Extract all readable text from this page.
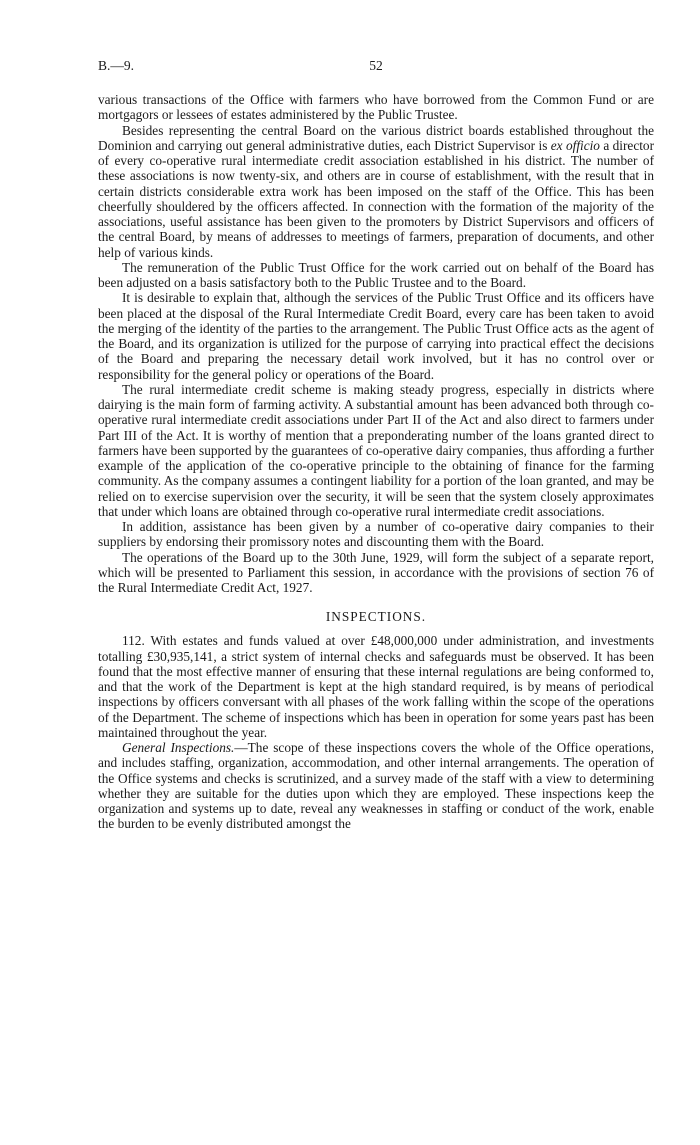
B.—9.	52

various transactions of the Office with farmers who have borrowed from the Common Fund or are mortgagors or lessees of estates administered by the Public Trustee.

Besides representing the central Board on the various district boards established throughout the Dominion and carrying out general administrative duties, each District Supervisor is ex officio a director of every co-operative rural intermediate credit association established in his district. The number of these associations is now twenty-six, and others are in course of establishment, with the result that in certain districts considerable extra work has been imposed on the staff of the Office. This has been cheerfully shouldered by the officers affected. In connection with the formation of the majority of the associations, useful assistance has been given to the promoters by District Supervisors and officers of the central Board, by means of addresses to meetings of farmers, preparation of documents, and other help of various kinds.

The remuneration of the Public Trust Office for the work carried out on behalf of the Board has been adjusted on a basis satisfactory both to the Public Trustee and to the Board.

It is desirable to explain that, although the services of the Public Trust Office and its officers have been placed at the disposal of the Rural Intermediate Credit Board, every care has been taken to avoid the merging of the identity of the parties to the arrangement. The Public Trust Office acts as the agent of the Board, and its organization is utilized for the purpose of carrying into practical effect the decisions of the Board and preparing the necessary detail work involved, but it has no control over or responsibility for the general policy or operations of the Board.

The rural intermediate credit scheme is making steady progress, especially in districts where dairying is the main form of farming activity. A substantial amount has been advanced both through co-operative rural intermediate credit associations under Part II of the Act and also direct to farmers under Part III of the Act. It is worthy of mention that a preponderating number of the loans granted direct to farmers have been supported by the guarantees of co-operative dairy companies, thus affording a further example of the application of the co-operative principle to the obtaining of finance for the farming community. As the company assumes a contingent liability for a portion of the loan granted, and may be relied on to exercise supervision over the security, it will be seen that the system closely approximates that under which loans are obtained through co-operative rural intermediate credit associations.

In addition, assistance has been given by a number of co-operative dairy companies to their suppliers by endorsing their promissory notes and discounting them with the Board.

The operations of the Board up to the 30th June, 1929, will form the subject of a separate report, which will be presented to Parliament this session, in accordance with the provisions of section 76 of the Rural Intermediate Credit Act, 1927.

INSPECTIONS.

112. With estates and funds valued at over £48,000,000 under administration, and investments totalling £30,935,141, a strict system of internal checks and safeguards must be observed. It has been found that the most effective manner of ensuring that these internal regulations are being conformed to, and that the work of the Department is kept at the high standard required, is by means of periodical inspections by officers conversant with all phases of the work falling within the scope of the operations of the Department. The scheme of inspections which has been in operation for some years past has been maintained throughout the year.

General Inspections.—The scope of these inspections covers the whole of the Office operations, and includes staffing, organization, accommodation, and other internal arrangements. The operation of the Office systems and checks is scrutinized, and a survey made of the staff with a view to determining whether they are suitable for the duties upon which they are employed. These inspections keep the organization and systems up to date, reveal any weaknesses in staffing or conduct of the work, enable the burden to be evenly distributed amongst the
